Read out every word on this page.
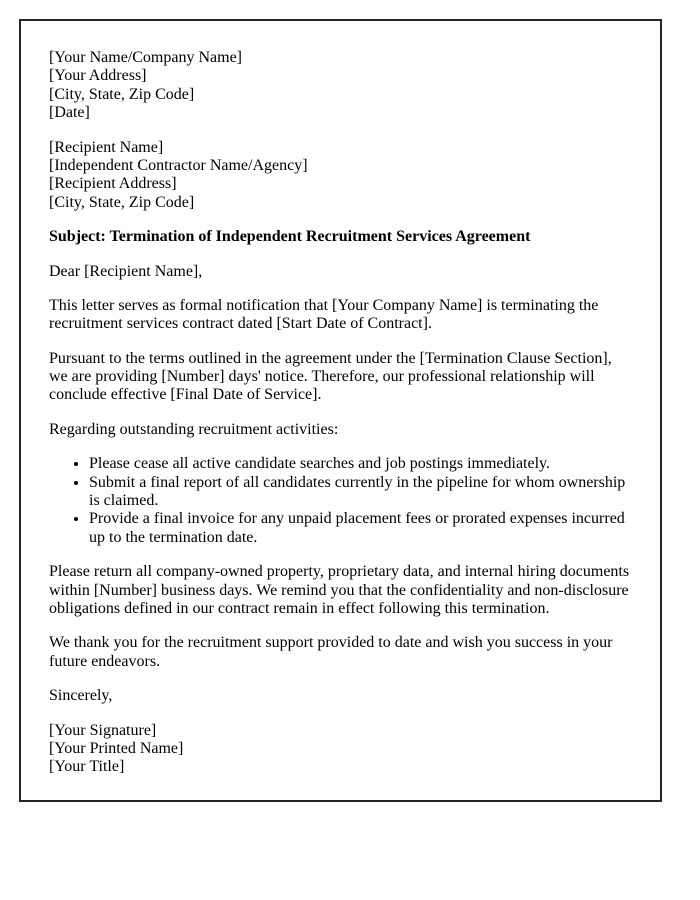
[Your Name/Company Name]
[Your Address]
[City, State, Zip Code]
[Date]

[Recipient Name]
[Independent Contractor Name/Agency]
[Recipient Address]
[City, State, Zip Code]

Subject: Termination of Independent Recruitment Services Agreement

Dear [Recipient Name],

This letter serves as formal notification that [Your Company Name] is terminating the recruitment services contract dated [Start Date of Contract].

Pursuant to the terms outlined in the agreement under the [Termination Clause Section], we are providing [Number] days' notice. Therefore, our professional relationship will conclude effective [Final Date of Service].

Regarding outstanding recruitment activities:

• Please cease all active candidate searches and job postings immediately.
• Submit a final report of all candidates currently in the pipeline for whom ownership is claimed.
• Provide a final invoice for any unpaid placement fees or prorated expenses incurred up to the termination date.

Please return all company-owned property, proprietary data, and internal hiring documents within [Number] business days. We remind you that the confidentiality and non-disclosure obligations defined in our contract remain in effect following this termination.

We thank you for the recruitment support provided to date and wish you success in your future endeavors.

Sincerely,

[Your Signature]
[Your Printed Name]
[Your Title]
